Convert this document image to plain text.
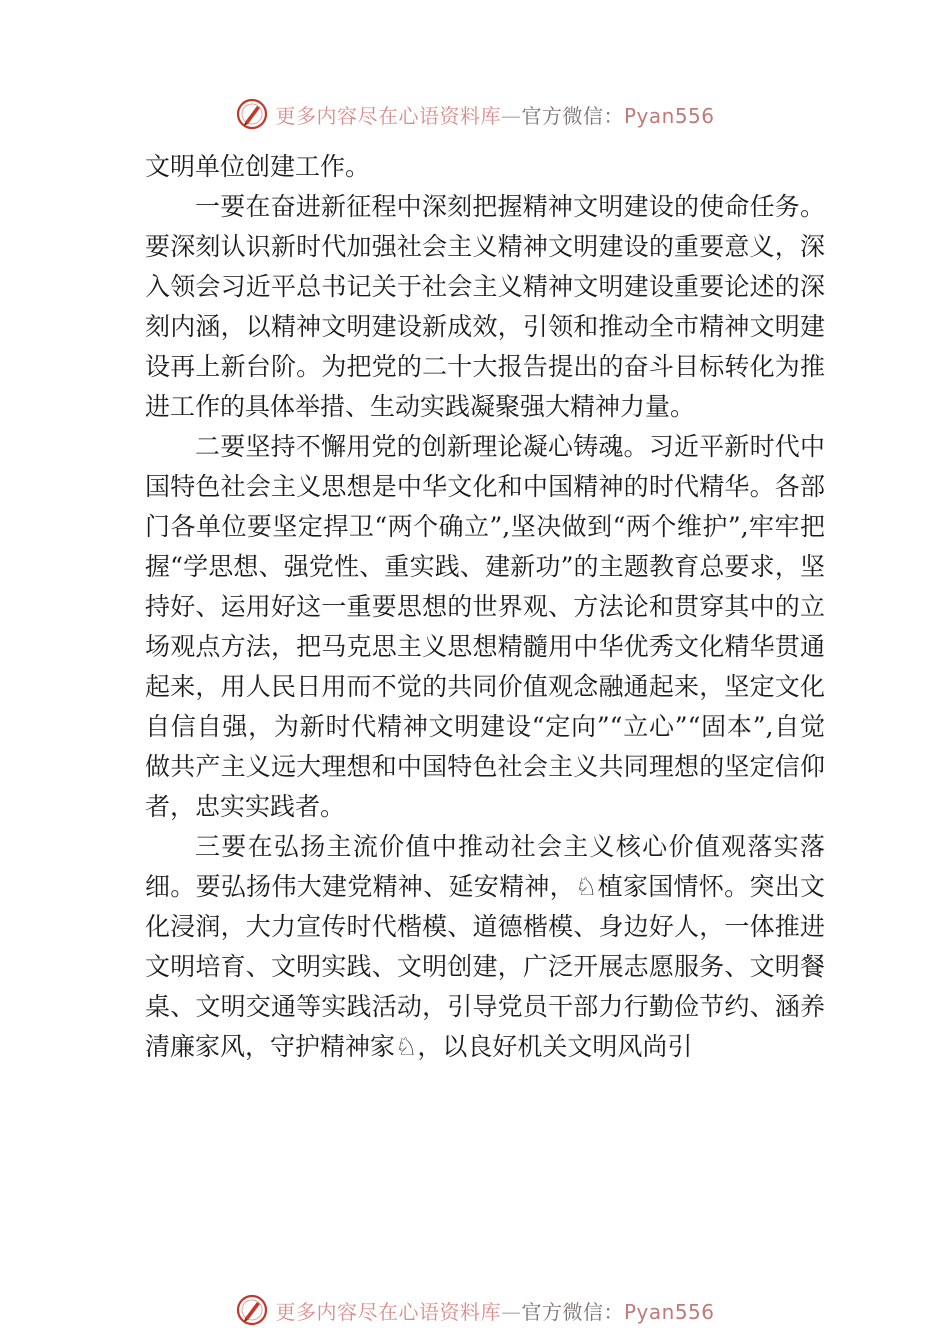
更多内容尽在心语资料库—官方微信：Pyan556

文明单位创建工作。

一要在奋进新征程中深刻把握精神文明建设的使命任务。要深刻认识新时代加强社会主义精神文明建设的重要意义，深入领会习近平总书记关于社会主义精神文明建设重要论述的深刻内涵，以精神文明建设新成效，引领和推动全市精神文明建设再上新台阶。为把党的二十大报告提出的奋斗目标转化为推进工作的具体举措、生动实践凝聚强大精神力量。

二要坚持不懈用党的创新理论凝心铸魂。习近平新时代中国特色社会主义思想是中华文化和中国精神的时代精华。各部门各单位要坚定捍卫“两个确立”,坚决做到“两个维护”,牢牢把握“学思想、强党性、重实践、建新功”的主题教育总要求，坚持好、运用好这一重要思想的世界观、方法论和贯穿其中的立场观点方法，把马克思主义思想精髓用中华优秀文化精华贯通起来，用人民日用而不觉的共同价值观念融通起来，坚定文化自信自强，为新时代精神文明建设“定向”“立心”“固本”,自觉做共产主义远大理想和中国特色社会主义共同理想的坚定信仰者，忠实实践者。

三要在弘扬主流价值中推动社会主义核心价值观落实落细。要弘扬伟大建党精神、延安精神，♘植家国情怀。突出文化浸润，大力宣传时代楷模、道德楷模、身边好人，一体推进文明培育、文明实践、文明创建，广泛开展志愿服务、文明餐桌、文明交通等实践活动，引导党员干部力行勤俭节约、涵养清廉家风，守护精神家♘，以良好机关文明风尚引

更多内容尽在心语资料库—官方微信：Pyan556
